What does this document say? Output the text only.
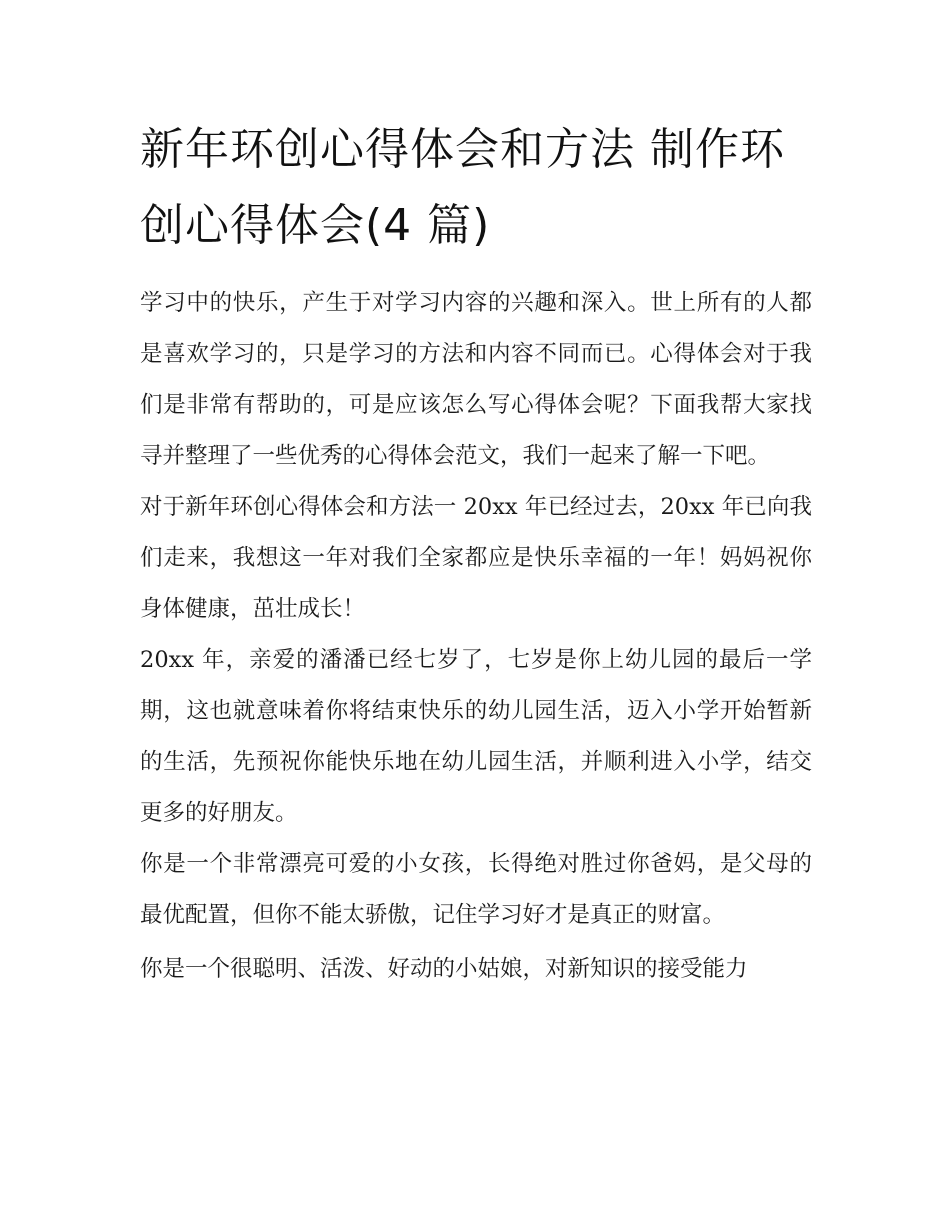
新年环创心得体会和方法 制作环创心得体会(4 篇)

学习中的快乐，产生于对学习内容的兴趣和深入。世上所有的人都是喜欢学习的，只是学习的方法和内容不同而已。心得体会对于我们是非常有帮助的，可是应该怎么写心得体会呢？下面我帮大家找寻并整理了一些优秀的心得体会范文，我们一起来了解一下吧。

对于新年环创心得体会和方法一 20xx 年已经过去，20xx 年已向我们走来，我想这一年对我们全家都应是快乐幸福的一年！妈妈祝你身体健康，茁壮成长！

20xx 年，亲爱的潘潘已经七岁了，七岁是你上幼儿园的最后一学期，这也就意味着你将结束快乐的幼儿园生活，迈入小学开始暂新的生活，先预祝你能快乐地在幼儿园生活，并顺利进入小学，结交更多的好朋友。

你是一个非常漂亮可爱的小女孩，长得绝对胜过你爸妈，是父母的最优配置，但你不能太骄傲，记住学习好才是真正的财富。

你是一个很聪明、活泼、好动的小姑娘，对新知识的接受能力
